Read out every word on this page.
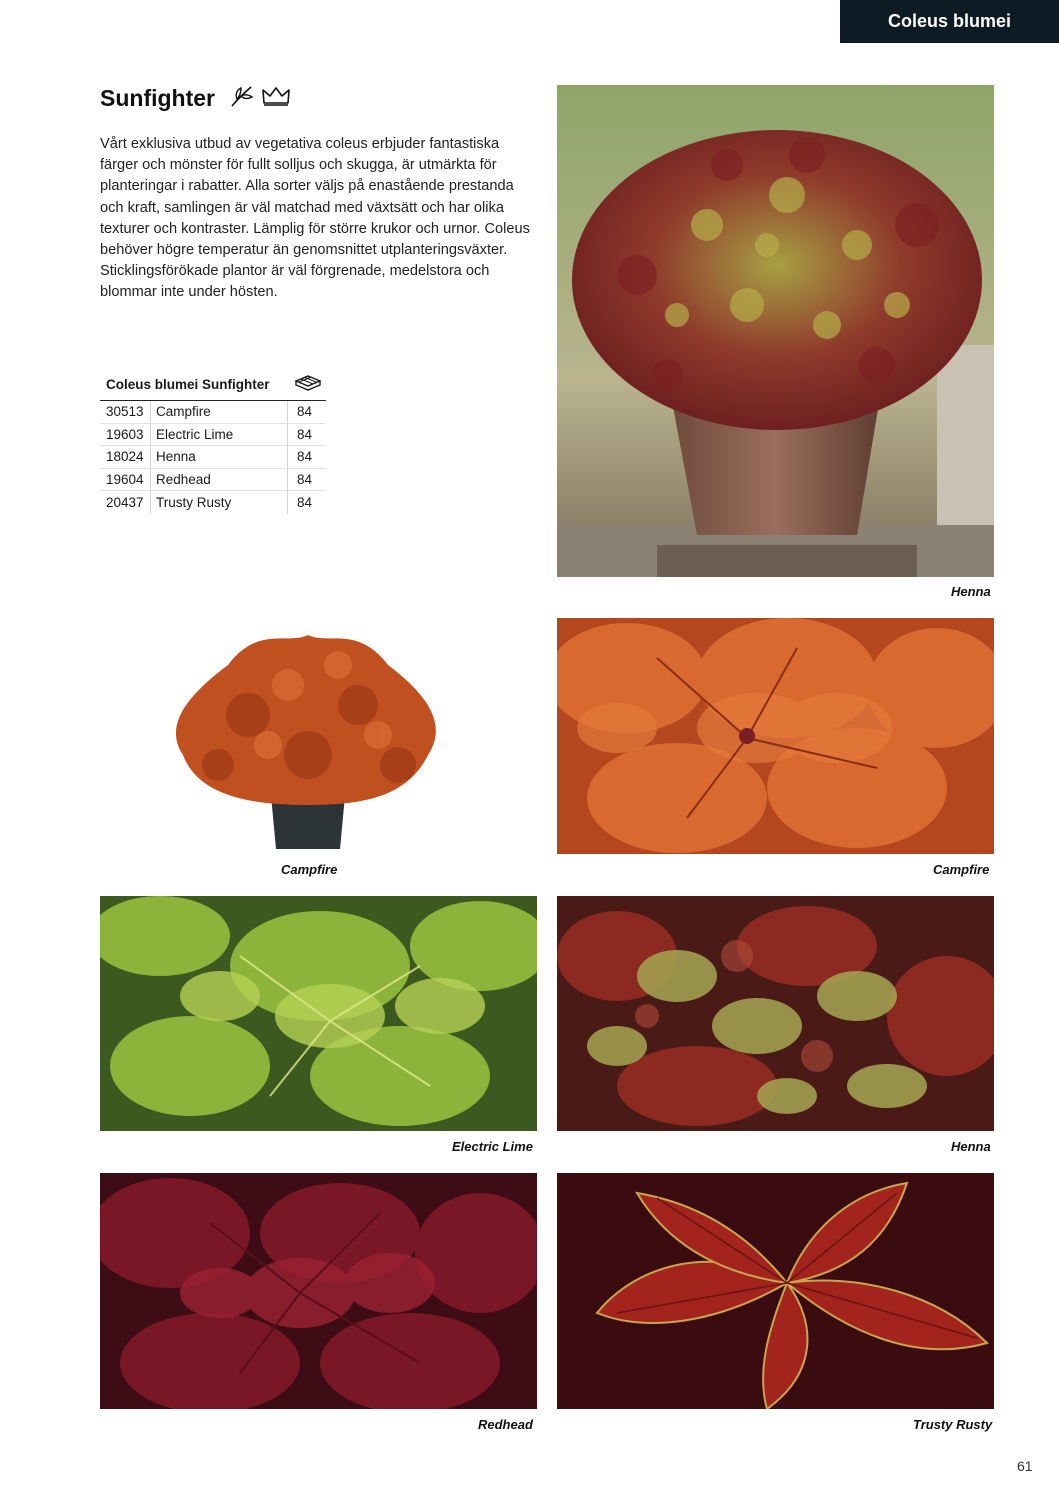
Coleus blumei
Sunfighter

Vårt exklusiva utbud av vegetativa coleus erbjuder fantastiska färger och mönster för fullt solljus och skugga, är utmärkta för planteringar i rabatter. Alla sorter väljs på enastående prestanda och kraft, samlingen är väl matchad med växtsätt och har olika texturer och kontraster. Lämplig för större krukor och urnor. Coleus behöver högre temperatur än genomsnittet utplanteringsväxter. Sticklingsförökade plantor är väl förgrenade, medelstora och blommar inte under hösten.

Coleus blumei Sunfighter
30513 Campfire	84
19603 Electric Lime	84
18024 Henna	84
19604 Redhead	84
20437 Trusty Rusty	84
Henna
Campfire	Campfire
Electric Lime	Henna
Redhead	Trusty Rusty
61
